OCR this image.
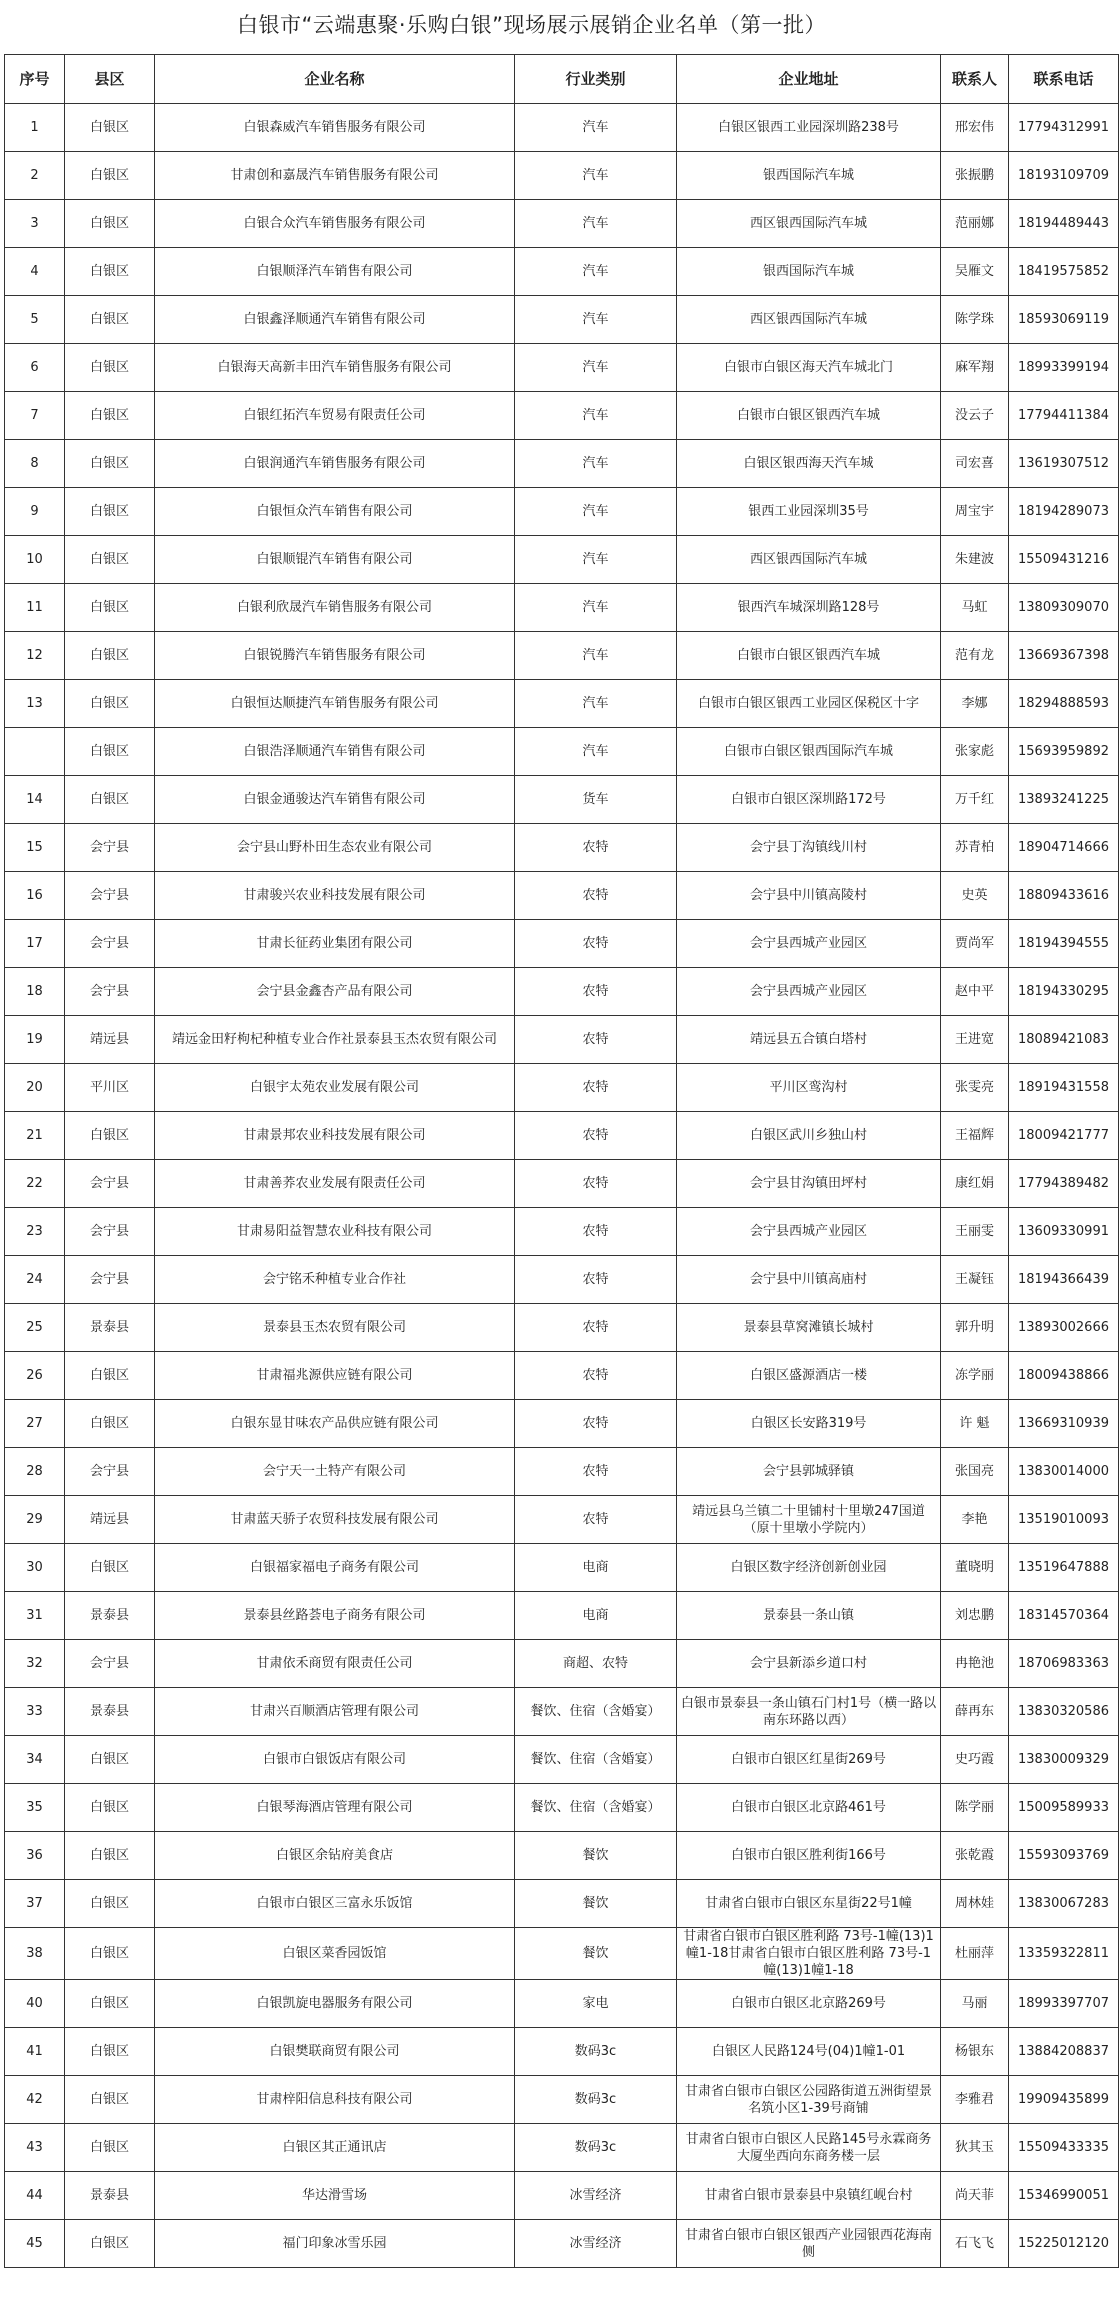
白银市“云端惠聚·乐购白银”现场展示展销企业名单（第一批）
序号	县区	企业名称	行业类别	企业地址	联系人	联系电话
1	白银区	白银森威汽车销售服务有限公司	汽车	白银区银西工业园深圳路238号	邢宏伟	17794312991
2	白银区	甘肃创和嘉晟汽车销售服务有限公司	汽车	银西国际汽车城	张振鹏	18193109709
3	白银区	白银合众汽车销售服务有限公司	汽车	西区银西国际汽车城	范丽娜	18194489443
4	白银区	白银顺泽汽车销售有限公司	汽车	银西国际汽车城	吴雁文	18419575852
5	白银区	白银鑫泽顺通汽车销售有限公司	汽车	西区银西国际汽车城	陈学珠	18593069119
6	白银区	白银海天高新丰田汽车销售服务有限公司	汽车	白银市白银区海天汽车城北门	麻军翔	18993399194
7	白银区	白银红拓汽车贸易有限责任公司	汽车	白银市白银区银西汽车城	没云子	17794411384
8	白银区	白银润通汽车销售服务有限公司	汽车	白银区银西海天汽车城	司宏喜	13619307512
9	白银区	白银恒众汽车销售有限公司	汽车	银西工业园深圳35号	周宝宇	18194289073
10	白银区	白银顺锟汽车销售有限公司	汽车	西区银西国际汽车城	朱建波	15509431216
11	白银区	白银利欣晟汽车销售服务有限公司	汽车	银西汽车城深圳路128号	马虹	13809309070
12	白银区	白银锐腾汽车销售服务有限公司	汽车	白银市白银区银西汽车城	范有龙	13669367398
13	白银区	白银恒达顺捷汽车销售服务有限公司	汽车	白银市白银区银西工业园区保税区十字	李娜	18294888593
	白银区	白银浩泽顺通汽车销售有限公司	汽车	白银市白银区银西国际汽车城	张家彪	15693959892
14	白银区	白银金通骏达汽车销售有限公司	货车	白银市白银区深圳路172号	万千红	13893241225
15	会宁县	会宁县山野朴田生态农业有限公司	农特	会宁县丁沟镇线川村	苏青柏	18904714666
16	会宁县	甘肃骏兴农业科技发展有限公司	农特	会宁县中川镇高陵村	史英	18809433616
17	会宁县	甘肃长征药业集团有限公司	农特	会宁县西城产业园区	贾尚军	18194394555
18	会宁县	会宁县金鑫杏产品有限公司	农特	会宁县西城产业园区	赵中平	18194330295
19	靖远县	靖远金田籽枸杞种植专业合作社景泰县玉杰农贸有限公司	农特	靖远县五合镇白塔村	王进宽	18089421083
20	平川区	白银宇太苑农业发展有限公司	农特	平川区鸾沟村	张雯亮	18919431558
21	白银区	甘肃景邦农业科技发展有限公司	农特	白银区武川乡独山村	王福辉	18009421777
22	会宁县	甘肃善荞农业发展有限责任公司	农特	会宁县甘沟镇田坪村	康红娟	17794389482
23	会宁县	甘肃易阳益智慧农业科技有限公司	农特	会宁县西城产业园区	王丽雯	13609330991
24	会宁县	会宁铭禾种植专业合作社	农特	会宁县中川镇高庙村	王凝钰	18194366439
25	景泰县	景泰县玉杰农贸有限公司	农特	景泰县草窝滩镇长城村	郭升明	13893002666
26	白银区	甘肃福兆源供应链有限公司	农特	白银区盛源酒店一楼	冻学丽	18009438866
27	白银区	白银东显甘味农产品供应链有限公司	农特	白银区长安路319号	许 魁	13669310939
28	会宁县	会宁天一土特产有限公司	农特	会宁县郭城驿镇	张国亮	13830014000
29	靖远县	甘肃蓝天骄子农贸科技发展有限公司	农特	靖远县乌兰镇二十里铺村十里墩247国道（原十里墩小学院内）	李艳	13519010093
30	白银区	白银福家福电子商务有限公司	电商	白银区数字经济创新创业园	董晓明	13519647888
31	景泰县	景泰县丝路荟电子商务有限公司	电商	景泰县一条山镇	刘忠鹏	18314570364
32	会宁县	甘肃依禾商贸有限责任公司	商超、农特	会宁县新添乡道口村	冉艳池	18706983363
33	景泰县	甘肃兴百顺酒店管理有限公司	餐饮、住宿（含婚宴）	白银市景泰县一条山镇石门村1号（横一路以南东环路以西）	薛再东	13830320586
34	白银区	白银市白银饭店有限公司	餐饮、住宿（含婚宴）	白银市白银区红星街269号	史巧霞	13830009329
35	白银区	白银琴海酒店管理有限公司	餐饮、住宿（含婚宴）	白银市白银区北京路461号	陈学丽	15009589933
36	白银区	白银区余钻府美食店	餐饮	白银市白银区胜利街166号	张乾霞	15593093769
37	白银区	白银市白银区三富永乐饭馆	餐饮	甘肃省白银市白银区东星街22号1幢	周林娃	13830067283
38	白银区	白银区菜香园饭馆	餐饮	甘肃省白银市白银区胜利路 73号-1幢(13)1幢1-18甘肃省白银市白银区胜利路 73号-1幢(13)1幢1-18	杜丽萍	13359322811
40	白银区	白银凯旋电器服务有限公司	家电	白银市白银区北京路269号	马丽	18993397707
41	白银区	白银樊联商贸有限公司	数码3c	白银区人民路124号(04)1幢1-01	杨银东	13884208837
42	白银区	甘肃梓阳信息科技有限公司	数码3c	甘肃省白银市白银区公园路街道五洲街望景名筑小区1-39号商铺	李雅君	19909435899
43	白银区	白银区其正通讯店	数码3c	甘肃省白银市白银区人民路145号永霖商务大厦坐西向东商务楼一层	狄其玉	15509433335
44	景泰县	华达滑雪场	冰雪经济	甘肃省白银市景泰县中泉镇红岘台村	尚天菲	15346990051
45	白银区	福门印象冰雪乐园	冰雪经济	甘肃省白银市白银区银西产业园银西花海南侧	石飞飞	15225012120
